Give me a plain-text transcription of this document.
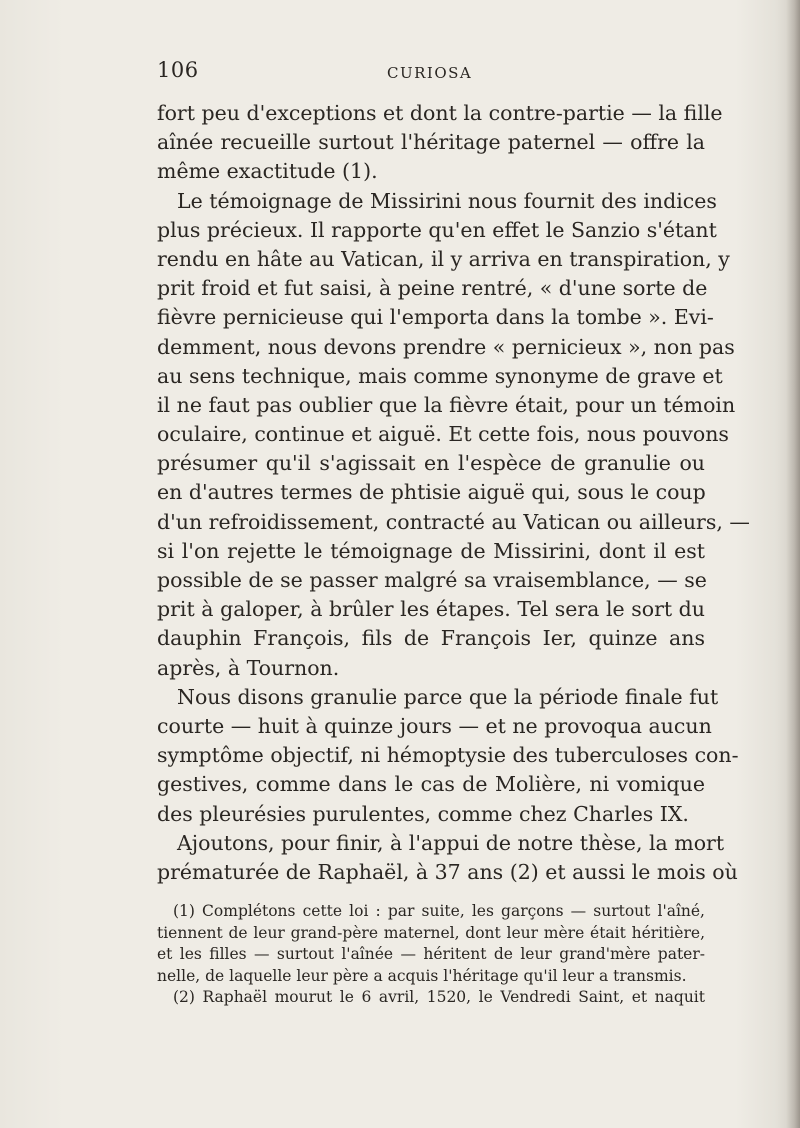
106	CURIOSA
fort peu d'exceptions et dont la contre-partie — la fille
aînée recueille surtout l'héritage paternel — offre la
même exactitude (1).
Le témoignage de Missirini nous fournit des indices
plus précieux. Il rapporte qu'en effet le Sanzio s'étant
rendu en hâte au Vatican, il y arriva en transpiration, y
prit froid et fut saisi, à peine rentré, « d'une sorte de
fièvre pernicieuse qui l'emporta dans la tombe ». Evi-
demment, nous devons prendre « pernicieux », non pas
au sens technique, mais comme synonyme de grave et
il ne faut pas oublier que la fièvre était, pour un témoin
oculaire, continue et aiguë. Et cette fois, nous pouvons
présumer qu'il s'agissait en l'espèce de granulie ou
en d'autres termes de phtisie aiguë qui, sous le coup
d'un refroidissement, contracté au Vatican ou ailleurs, —
si l'on rejette le témoignage de Missirini, dont il est
possible de se passer malgré sa vraisemblance, — se
prit à galoper, à brûler les étapes. Tel sera le sort du
dauphin François, fils de François Ier, quinze ans
après, à Tournon.
Nous disons granulie parce que la période finale fut
courte — huit à quinze jours — et ne provoqua aucun
symptôme objectif, ni hémoptysie des tuberculoses con-
gestives, comme dans le cas de Molière, ni vomique
des pleurésies purulentes, comme chez Charles IX.
Ajoutons, pour finir, à l'appui de notre thèse, la mort
prématurée de Raphaël, à 37 ans (2) et aussi le mois où
(1) Complétons cette loi : par suite, les garçons — surtout l'aîné,
tiennent de leur grand-père maternel, dont leur mère était héritière,
et les filles — surtout l'aînée — héritent de leur grand'mère pater-
nelle, de laquelle leur père a acquis l'héritage qu'il leur a transmis.
(2) Raphaël mourut le 6 avril, 1520, le Vendredi Saint, et naquit
